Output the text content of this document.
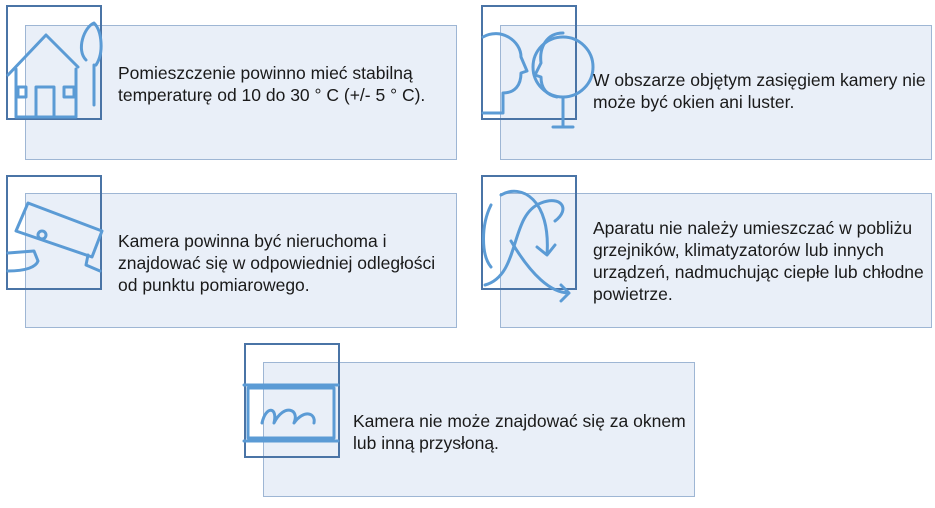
Pomieszczenie powinno mieć stabilną temperaturę od 10 do 30 ° C (+/- 5 ° C).
W obszarze objętym zasięgiem kamery nie może być okien ani luster.
Kamera powinna być nieruchoma i znajdować się w odpowiedniej odległości od punktu pomiarowego.
Aparatu nie należy umieszczać w pobliżu grzejników, klimatyzatorów lub innych urządzeń, nadmuchując ciepłe lub chłodne powietrze.
Kamera nie może znajdować się za oknem lub inną przysłoną.
